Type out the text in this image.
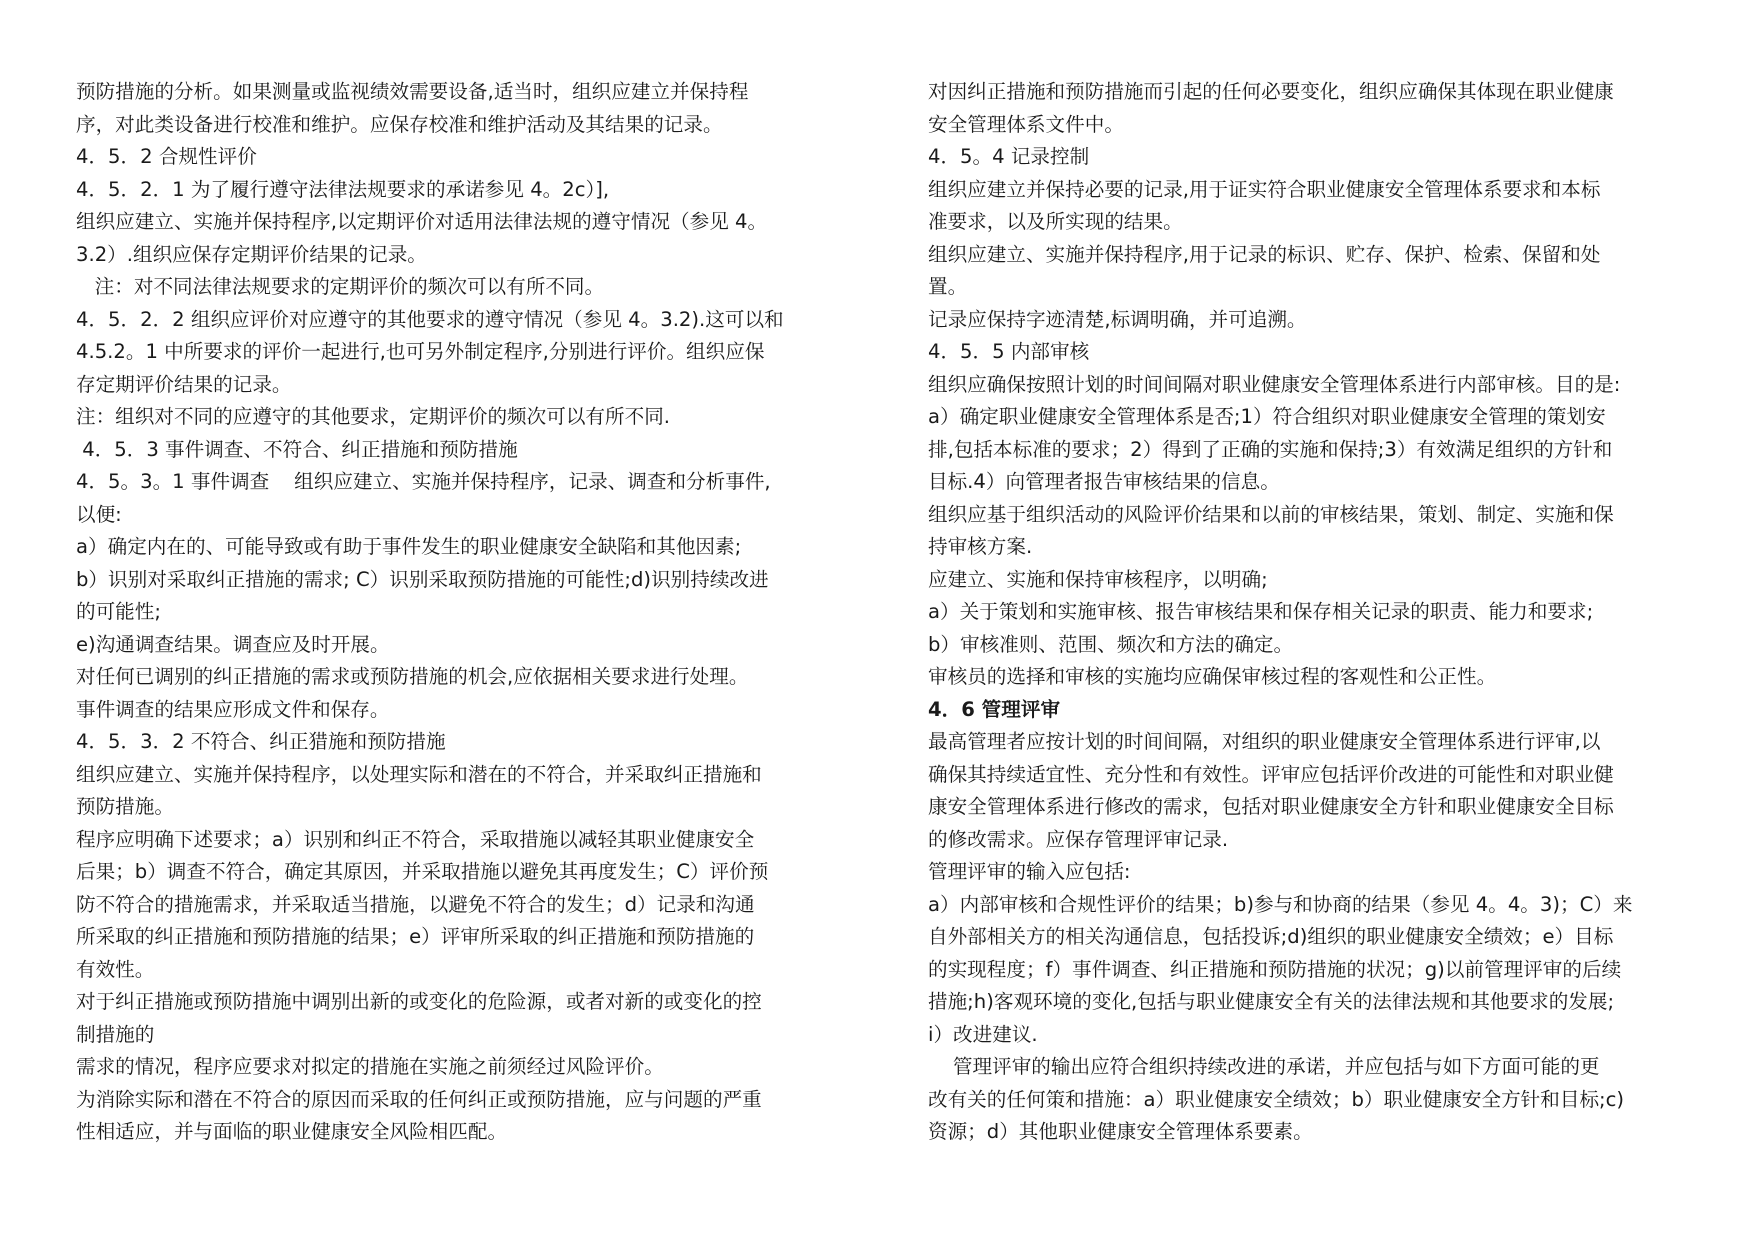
预防措施的分析。如果测量或监视绩效需要设备,适当时，组织应建立并保持程
序，对此类设备进行校准和维护。应保存校准和维护活动及其结果的记录。
4．5．2 合规性评价
4．5．2．1 为了履行遵守法律法规要求的承诺参见 4。2c）],
组织应建立、实施并保持程序,以定期评价对适用法律法规的遵守情况（参见 4。
3.2）.组织应保存定期评价结果的记录。
注：对不同法律法规要求的定期评价的频次可以有所不同。
4．5．2．2 组织应评价对应遵守的其他要求的遵守情况（参见 4。3.2).这可以和
4.5.2。1 中所要求的评价一起进行,也可另外制定程序,分别进行评价。组织应保
存定期评价结果的记录。
注：组织对不同的应遵守的其他要求，定期评价的频次可以有所不同.
4．5．3 事件调查、不符合、纠正措施和预防措施
4．5。3。1 事件调查    组织应建立、实施并保持程序，记录、调查和分析事件,
以便:
a）确定内在的、可能导致或有助于事件发生的职业健康安全缺陷和其他因素;
b）识别对采取纠正措施的需求; C）识别采取预防措施的可能性;d)识别持续改进
的可能性;
e)沟通调查结果。调查应及时开展。
对任何已调别的纠正措施的需求或预防措施的机会,应依据相关要求进行处理。
事件调查的结果应形成文件和保存。
4．5．3．2 不符合、纠正猎施和预防措施
组织应建立、实施并保持程序，以处理实际和潜在的不符合，并采取纠正措施和
预防措施。
程序应明确下述要求；a）识别和纠正不符合，采取措施以减轻其职业健康安全
后果；b）调查不符合，确定其原因，并采取措施以避免其再度发生；C）评价预
防不符合的措施需求，并采取适当措施，以避免不符合的发生；d）记录和沟通
所采取的纠正措施和预防措施的结果；e）评审所采取的纠正措施和预防措施的
有效性。
对于纠正措施或预防措施中调别出新的或变化的危险源，或者对新的或变化的控
制措施的
需求的情况，程序应要求对拟定的措施在实施之前须经过风险评价。
为消除实际和潜在不符合的原因而采取的任何纠正或预防措施，应与问题的严重
性相适应，并与面临的职业健康安全风险相匹配。
对因纠正措施和预防措施而引起的任何必要变化，组织应确保其体现在职业健康
安全管理体系文件中。
4．5。4 记录控制
组织应建立并保持必要的记录,用于证实符合职业健康安全管理体系要求和本标
准要求，以及所实现的结果。
组织应建立、实施并保持程序,用于记录的标识、贮存、保护、检索、保留和处
置。
记录应保持字迹清楚,标调明确，并可追溯。
4．5．5 内部审核
组织应确保按照计划的时间间隔对职业健康安全管理体系进行内部审核。目的是:
a）确定职业健康安全管理体系是否;1）符合组织对职业健康安全管理的策划安
排,包括本标准的要求；2）得到了正确的实施和保持;3）有效满足组织的方针和
目标.4）向管理者报告审核结果的信息。
组织应基于组织活动的风险评价结果和以前的审核结果，策划、制定、实施和保
持审核方案.
应建立、实施和保持审核程序，以明确;
a）关于策划和实施审核、报告审核结果和保存相关记录的职责、能力和要求;
b）审核准则、范围、频次和方法的确定。
审核员的选择和审核的实施均应确保审核过程的客观性和公正性。
4．6 管理评审
最高管理者应按计划的时间间隔，对组织的职业健康安全管理体系进行评审,以
确保其持续适宜性、充分性和有效性。评审应包括评价改进的可能性和对职业健
康安全管理体系进行修改的需求，包括对职业健康安全方针和职业健康安全目标
的修改需求。应保存管理评审记录.
管理评审的输入应包括:
a）内部审核和合规性评价的结果；b)参与和协商的结果（参见 4。4。3)；C）来
自外部相关方的相关沟通信息，包括投诉;d)组织的职业健康安全绩效；e）目标
的实现程度；f）事件调查、纠正措施和预防措施的状况；g)以前管理评审的后续
措施;h)客观环境的变化,包括与职业健康安全有关的法律法规和其他要求的发展;
i）改进建议.
管理评审的输出应符合组织持续改进的承诺，并应包括与如下方面可能的更
改有关的任何策和措施：a）职业健康安全绩效；b）职业健康安全方针和目标;c)
资源；d）其他职业健康安全管理体系要素。
